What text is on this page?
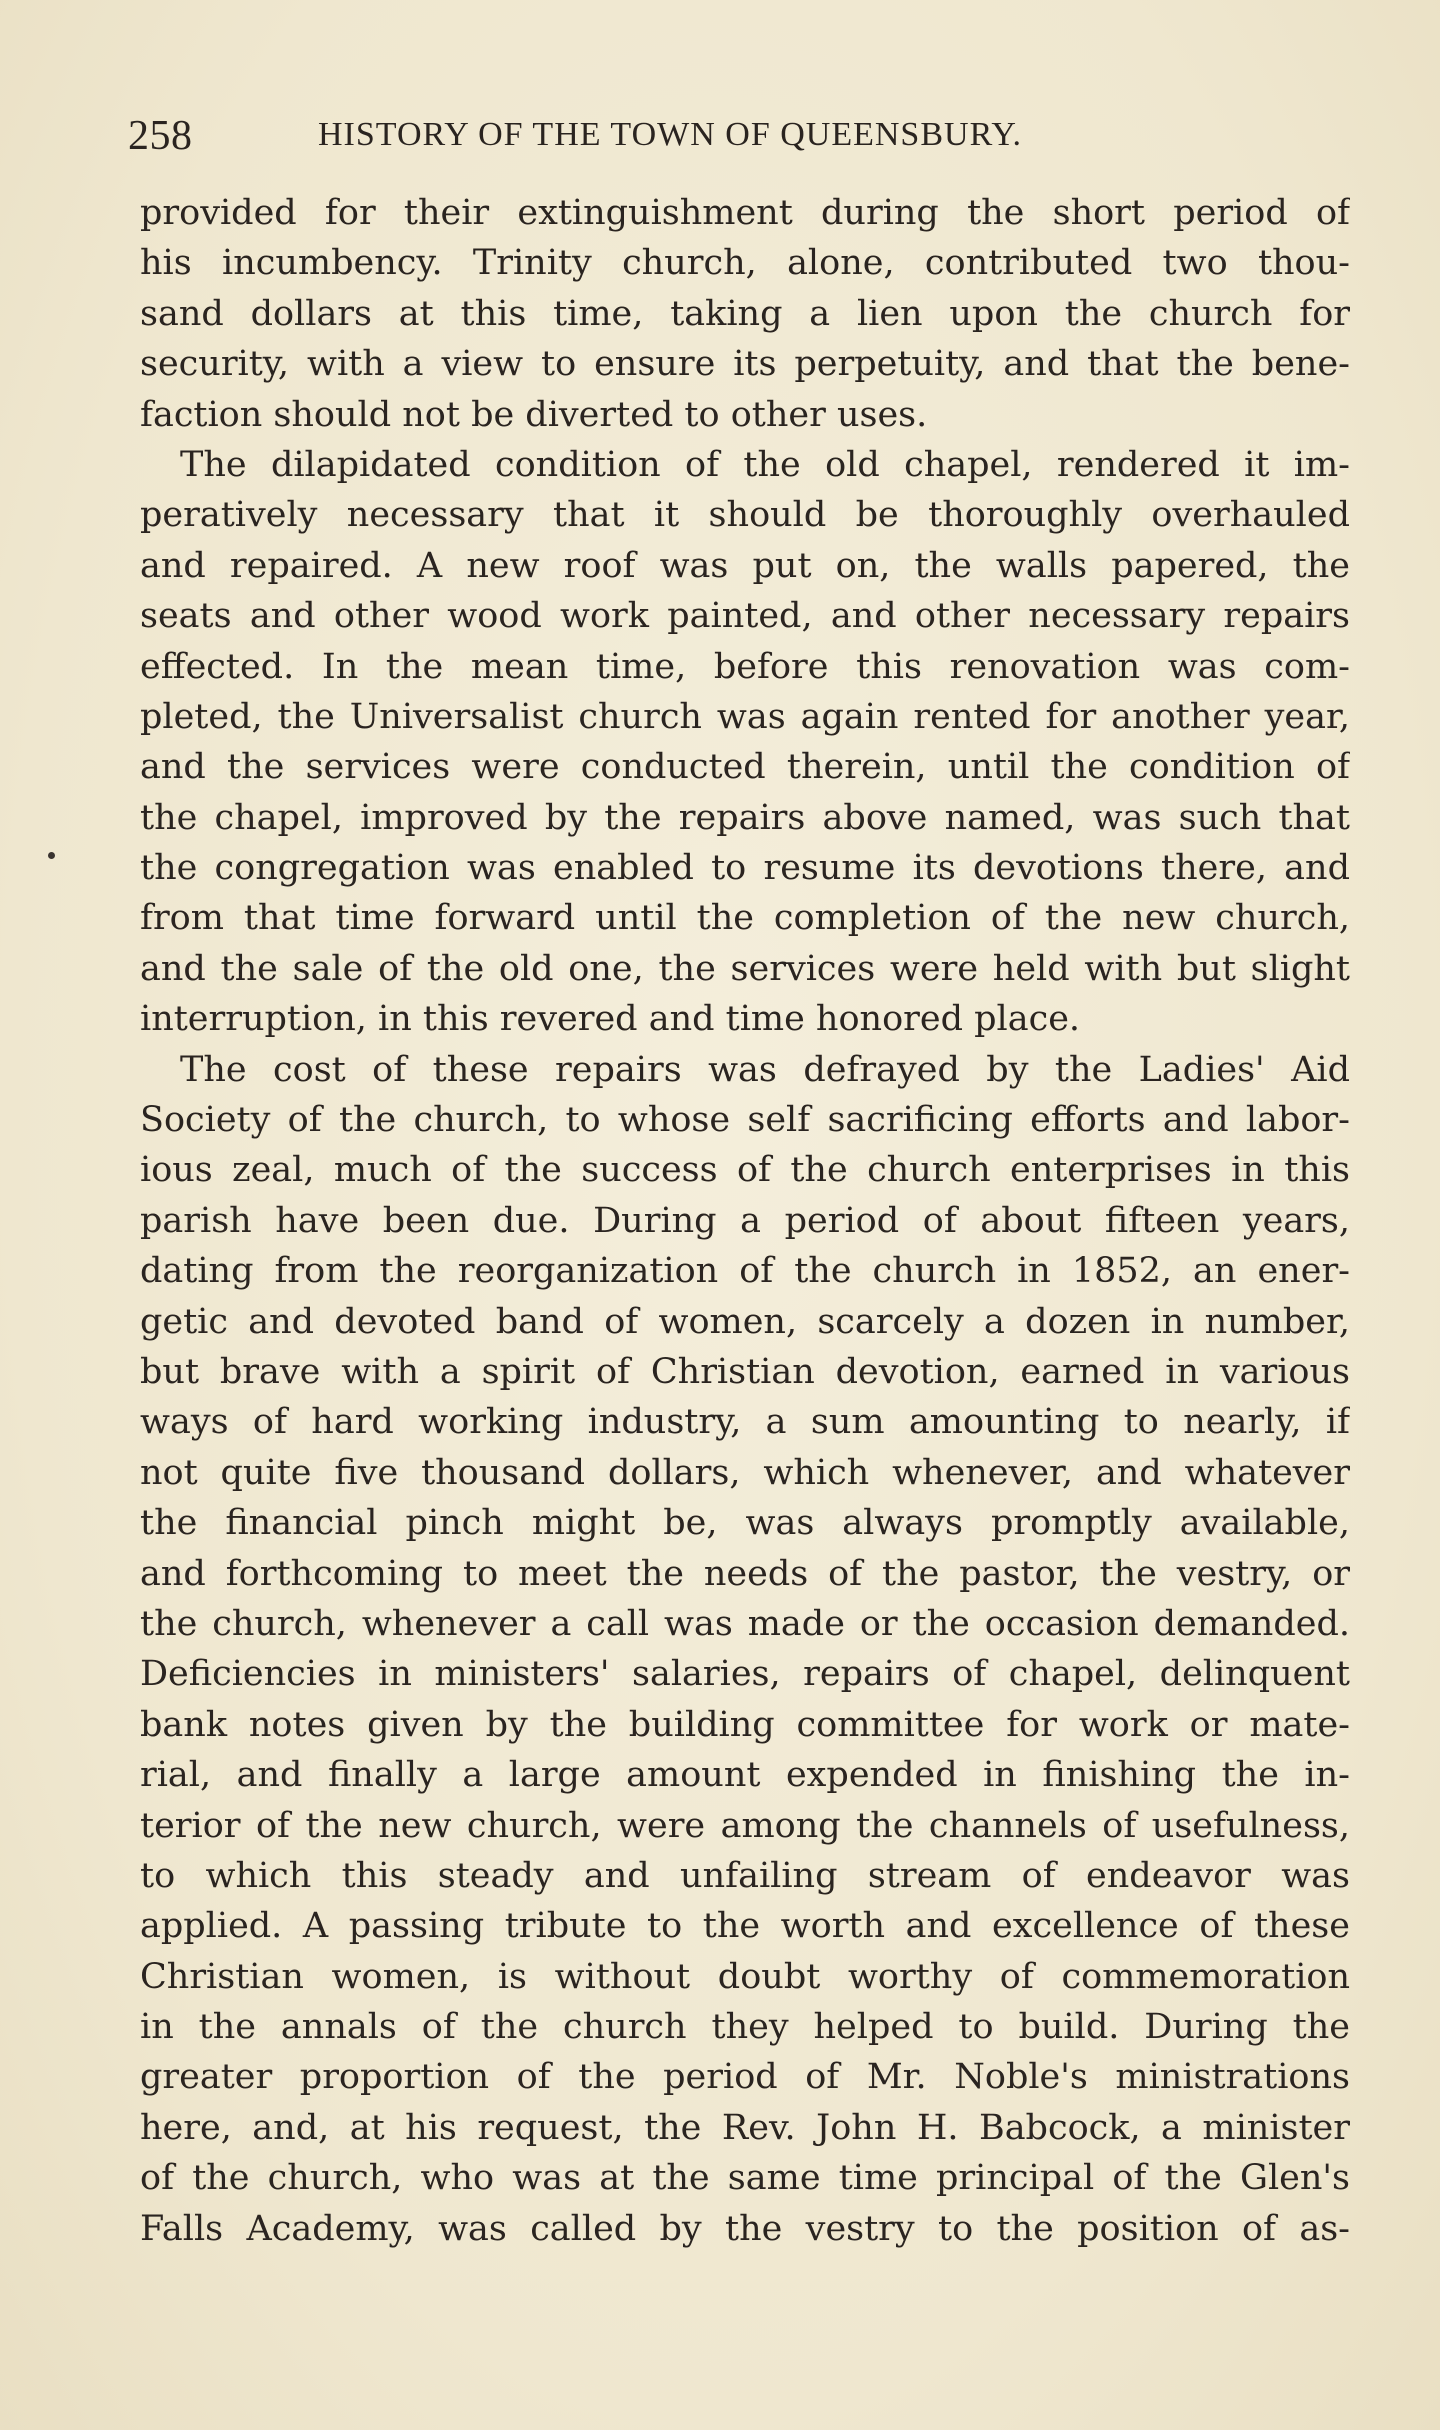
258	HISTORY OF THE TOWN OF QUEENSBURY.
provided for their extinguishment during the short period of
his incumbency. Trinity church, alone, contributed two thou-
sand dollars at this time, taking a lien upon the church for
security, with a view to ensure its perpetuity, and that the bene-
faction should not be diverted to other uses.
The dilapidated condition of the old chapel, rendered it im-
peratively necessary that it should be thoroughly overhauled
and repaired. A new roof was put on, the walls papered, the
seats and other wood work painted, and other necessary repairs
effected. In the mean time, before this renovation was com-
pleted, the Universalist church was again rented for another year,
and the services were conducted therein, until the condition of
the chapel, improved by the repairs above named, was such that
the congregation was enabled to resume its devotions there, and
from that time forward until the completion of the new church,
and the sale of the old one, the services were held with but slight
interruption, in this revered and time honored place.
The cost of these repairs was defrayed by the Ladies' Aid
Society of the church, to whose self sacrificing efforts and labor-
ious zeal, much of the success of the church enterprises in this
parish have been due. During a period of about fifteen years,
dating from the reorganization of the church in 1852, an ener-
getic and devoted band of women, scarcely a dozen in number,
but brave with a spirit of Christian devotion, earned in various
ways of hard working industry, a sum amounting to nearly, if
not quite five thousand dollars, which whenever, and whatever
the financial pinch might be, was always promptly available,
and forthcoming to meet the needs of the pastor, the vestry, or
the church, whenever a call was made or the occasion demanded.
Deficiencies in ministers' salaries, repairs of chapel, delinquent
bank notes given by the building committee for work or mate-
rial, and finally a large amount expended in finishing the in-
terior of the new church, were among the channels of usefulness,
to which this steady and unfailing stream of endeavor was
applied. A passing tribute to the worth and excellence of these
Christian women, is without doubt worthy of commemoration
in the annals of the church they helped to build. During the
greater proportion of the period of Mr. Noble's ministrations
here, and, at his request, the Rev. John H. Babcock, a minister
of the church, who was at the same time principal of the Glen's
Falls Academy, was called by the vestry to the position of as-
